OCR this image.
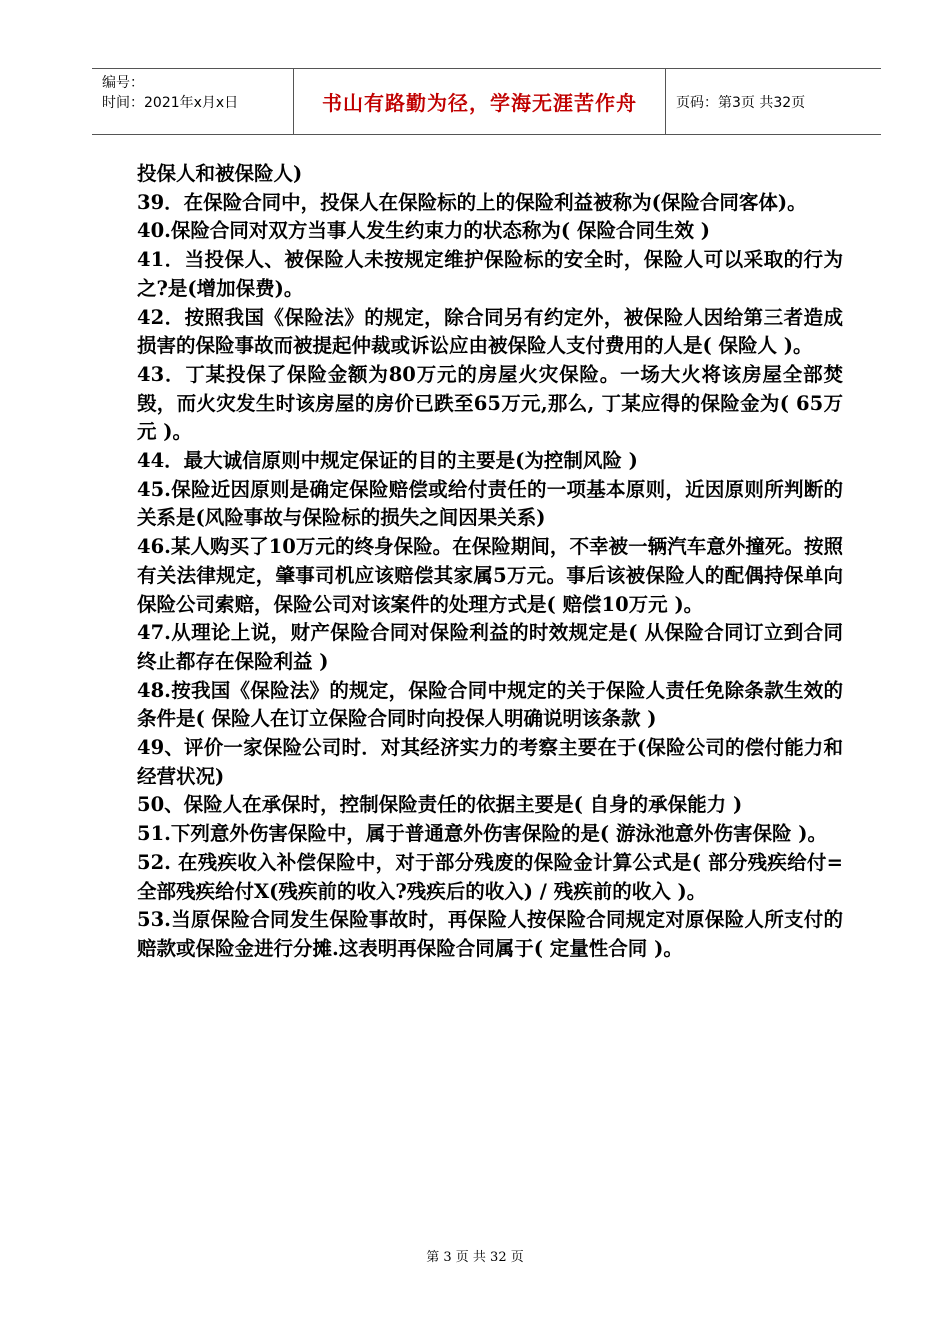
编号：
时间：2021年x月x日	书山有路勤为径，学海无涯苦作舟	页码：第3页 共32页

投保人和被保险人)

39．在保险合同中，投保人在保险标的上的保险利益被称为(保险合同客体)。

40.保险合同对双方当事人发生约束力的状态称为( 保险合同生效 )

41．当投保人、被保险人未按规定维护保险标的安全时，保险人可以采取的行为之?是(增加保费)。

42．按照我国《保险法》的规定，除合同另有约定外，被保险人因给第三者造成损害的保险事故而被提起仲裁或诉讼应由被保险人支付费用的人是( 保险人 )。

43．丁某投保了保险金额为80万元的房屋火灾保险。一场大火将该房屋全部焚毁，而火灾发生时该房屋的房价已跌至65万元,那么, 丁某应得的保险金为( 65万元 )。

44．最大诚信原则中规定保证的目的主要是(为控制风险 )

45.保险近因原则是确定保险赔偿或给付责任的一项基本原则，近因原则所判断的关系是(风险事故与保险标的损失之间因果关系)

46.某人购买了10万元的终身保险。在保险期间，不幸被一辆汽车意外撞死。按照有关法律规定，肇事司机应该赔偿其家属5万元。事后该被保险人的配偶持保单向保险公司索赔，保险公司对该案件的处理方式是( 赔偿10万元 )。

47.从理论上说，财产保险合同对保险利益的时效规定是( 从保险合同订立到合同终止都存在保险利益 )

48.按我国《保险法》的规定，保险合同中规定的关于保险人责任免除条款生效的条件是( 保险人在订立保险合同时向投保人明确说明该条款 )

49、评价一家保险公司时．对其经济实力的考察主要在于(保险公司的偿付能力和经营状况)

50、保险人在承保时，控制保险责任的依据主要是( 自身的承保能力 )

51.下列意外伤害保险中，属于普通意外伤害保险的是( 游泳池意外伤害保险 )。

52. 在残疾收入补偿保险中，对于部分残废的保险金计算公式是( 部分残疾给付=全部残疾给付X(残疾前的收入?残疾后的收入) / 残疾前的收入 )。

53.当原保险合同发生保险事故时，再保险人按保险合同规定对原保险人所支付的赔款或保险金进行分摊.这表明再保险合同属于( 定量性合同 )。

第 3 页 共 32 页
